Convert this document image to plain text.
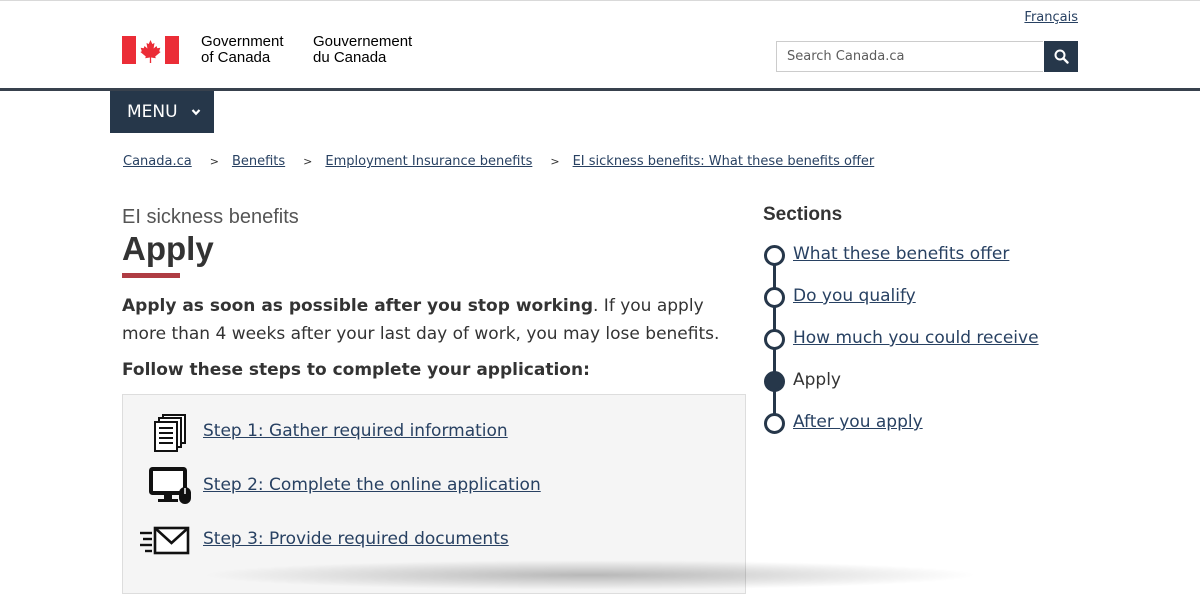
Français
Government
of Canada
Gouvernement
du Canada	Search Canada.ca
MENU
Canada.ca > Benefits > Employment Insurance benefits > EI sickness benefits: What these benefits offer
EI sickness benefits
Apply

Apply as soon as possible after you stop working. If you apply more than 4 weeks after your last day of work, you may lose benefits.

Follow these steps to complete your application:
Step 1: Gather required information
Step 2: Complete the online application
Step 3: Provide required documents
Sections
What these benefits offer
Do you qualify
How much you could receive
Apply
After you apply
